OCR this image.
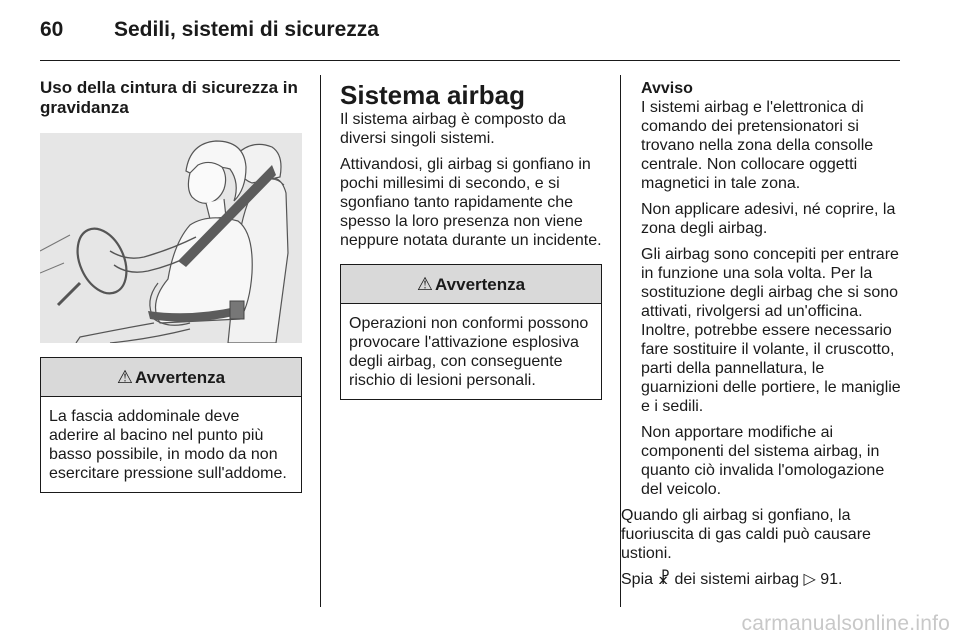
60 Sedili, sistemi di sicurezza

Uso della cintura di sicurezza in gravidanza

⚠ Avvertenza
La fascia addominale deve aderire al bacino nel punto più basso possibile, in modo da non esercitare pressione sull'addome.

Sistema airbag

Il sistema airbag è composto da diversi singoli sistemi.

Attivandosi, gli airbag si gonfiano in pochi millesimi di secondo, e si sgonfiano tanto rapidamente che spesso la loro presenza non viene neppure notata durante un incidente.

⚠ Avvertenza
Operazioni non conformi possono provocare l'attivazione esplosiva degli airbag, con conseguente rischio di lesioni personali.

Avviso

I sistemi airbag e l'elettronica di comando dei pretensionatori si trovano nella zona della consolle centrale. Non collocare oggetti magnetici in tale zona.

Non applicare adesivi, né coprire, la zona degli airbag.

Gli airbag sono concepiti per entrare in funzione una sola volta. Per la sostituzione degli airbag che si sono attivati, rivolgersi ad un'officina. Inoltre, potrebbe essere necessario fare sostituire il volante, il cruscotto, parti della pannellatura, le guarnizioni delle portiere, le maniglie e i sedili.

Non apportare modifiche ai componenti del sistema airbag, in quanto ciò invalida l'omologazione del veicolo.

Quando gli airbag si gonfiano, la fuoriuscita di gas caldi può causare ustioni.

Spia ☧ dei sistemi airbag ▷ 91.

carmanualsonline.info
